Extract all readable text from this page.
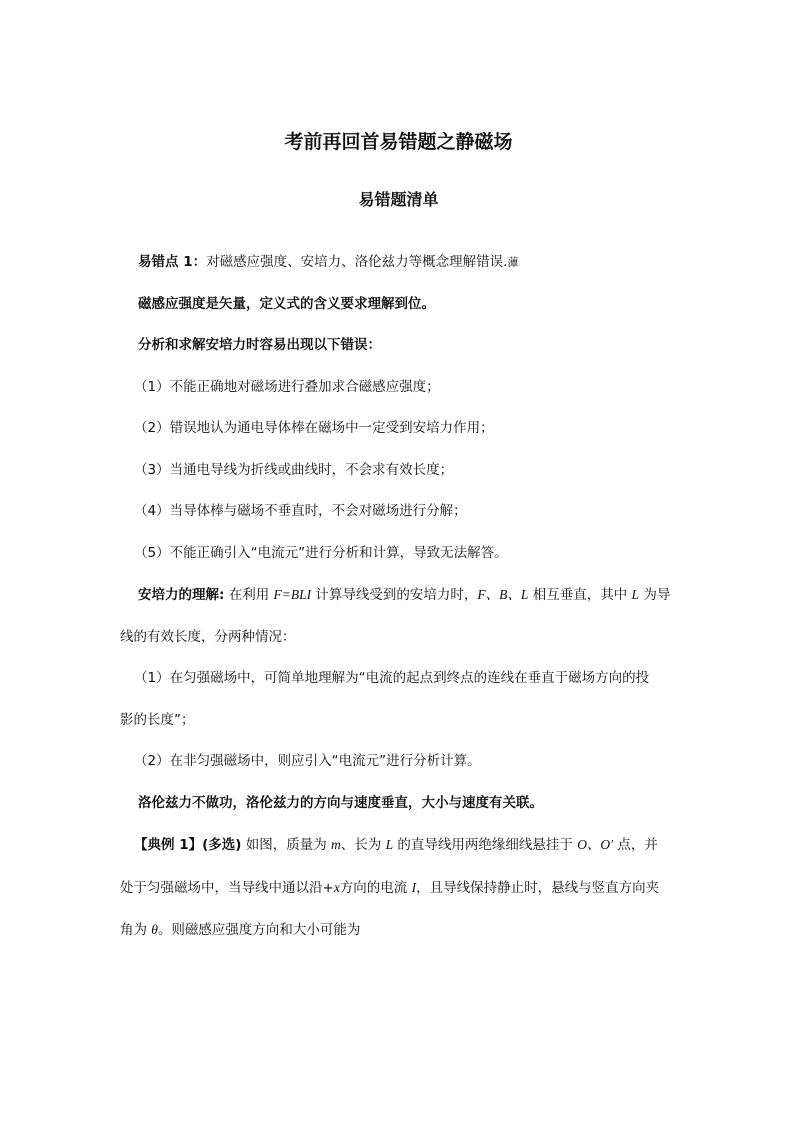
考前再回首易错题之静磁场
易错题清单

易错点 1：对磁感应强度、安培力、洛伦兹力等概念理解错误.藫

磁感应强度是矢量，定义式的含义要求理解到位。

分析和求解安培力时容易出现以下错误：

（1）不能正确地对磁场进行叠加求合磁感应强度；

（2）错误地认为通电导体棒在磁场中一定受到安培力作用；

（3）当通电导线为折线或曲线时，不会求有效长度；

（4）当导体棒与磁场不垂直时，不会对磁场进行分解；

（5）不能正确引入“电流元”进行分析和计算，导致无法解答。

安培力的理解: 在利用 F=BLI 计算导线受到的安培力时，F、B、L 相互垂直，其中 L 为导

线的有效长度，分两种情况：

（1）在匀强磁场中，可简单地理解为“电流的起点到终点的连线在垂直于磁场方向的投

影的长度”；

（2）在非匀强磁场中，则应引入“电流元”进行分析计算。

洛伦兹力不做功，洛伦兹力的方向与速度垂直，大小与速度有关联。

【典例 1】(多选) 如图，质量为 m、长为 L 的直导线用两绝缘细线悬挂于 O、O′ 点，并

处于匀强磁场中，当导线中通以沿+x方向的电流 I，且导线保持静止时，悬线与竖直方向夹

角为 θ。则磁感应强度方向和大小可能为
